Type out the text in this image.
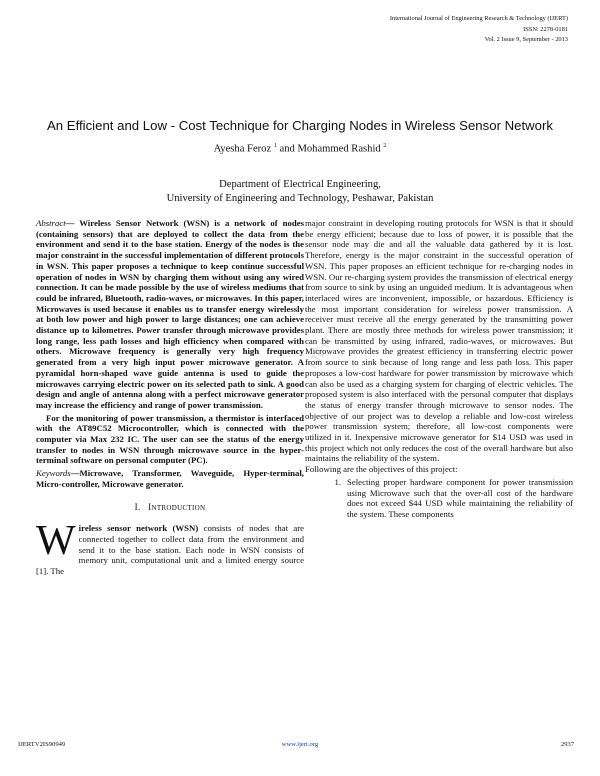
International Journal of Engineering Research & Technology (IJERT)
ISSN: 2278-0181
Vol. 2 Issue 9, September - 2013
An Efficient and Low - Cost Technique for Charging Nodes in Wireless Sensor Network
Ayesha Feroz $^1$ and Mohammed Rashid $^2$
Department of Electrical Engineering,
University of Engineering and Technology, Peshawar, Pakistan
IJERT

Abstract— Wireless Sensor Network (WSN) is a network of nodes (containing sensors) that are deployed to collect the data from the environment and send it to the base station. Energy of the nodes is the major constraint in the successful implementation of different protocols in WSN. This paper proposes a technique to keep continue successful operation of nodes in WSN by charging them without using any wired connection. It can be made possible by the use of wireless mediums that could be infrared, Bluetooth, radio-waves, or microwaves. In this paper, Microwaves is used because it enables us to transfer energy wirelessly at both low power and high power to large distances; one can achieve distance up to kilometres. Power transfer through microwave provides long range, less path losses and high efficiency when compared with others. Microwave frequency is generally very high frequency generated from a very high input power microwave generator. A pyramidal horn-shaped wave guide antenna is used to guide the microwaves carrying electric power on its selected path to sink. A good design and angle of antenna along with a perfect microwave generator may increase the efficiency and range of power transmission.

For the monitoring of power transmission, a thermistor is interfaced with the AT89C52 Microcontroller, which is connected with the computer via Max 232 IC. The user can see the status of the energy transfer to nodes in WSN through microwave source in the hyper-terminal software on personal computer (PC).

Keywords—Microwave, Transformer, Waveguide, Hyper-terminal, Micro-controller, Microwave generator.

I. INTRODUCTION

Wireless sensor network (WSN) consists of nodes that are connected together to collect data from the environment and send it to the base station. Each node in WSN consists of memory unit, computational unit and a limited energy source [1]. The

major constraint in developing routing protocols for WSN is that it should be energy efficient; because due to loss of power, it is possible that the sensor node may die and all the valuable data gathered by it is lost. Therefore, energy is the major constraint in the successful operation of WSN. This paper proposes an efficient technique for re-charging nodes in WSN. Our re-charging system provides the transmission of electrical energy from source to sink by using an unguided medium. It is advantageous when interlaced wires are inconvenient, impossible, or hazardous. Efficiency is the most important consideration for wireless power transmission. A receiver must receive all the energy generated by the transmitting power plant. There are mostly three methods for wireless power transmission; it can be transmitted by using infrared, radio-waves, or microwaves. But Microwave provides the greatest efficiency in transferring electric power from source to sink because of long range and less path loss. This paper proposes a low-cost hardware for power transmission by microwave which can also be used as a charging system for charging of electric vehicles. The proposed system is also interfaced with the personal computer that displays the status of energy transfer through microwave to sensor nodes. The objective of our project was to develop a reliable and low-cost wireless power transmission system; therefore, all low-cost components were utilized in it. Inexpensive microwave generator for $14 USD was used in this project which not only reduces the cost of the overall hardware but also maintains the reliability of the system.

Following are the objectives of this project:

1. Selecting proper hardware component for power transmission using Microwave such that the over-all cost of the hardware does not exceed $44 USD while maintaining the reliability of the system. These components
IJERTV2IS90949	www.ijert.org	2937
